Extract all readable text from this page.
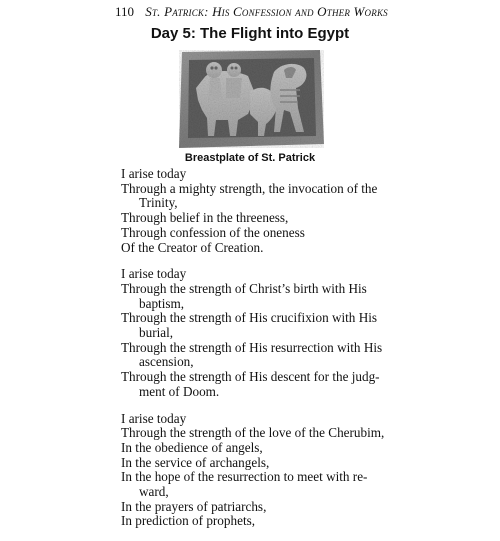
110 St. Patrick: His Confession and Other Works
Day 5: The Flight into Egypt
Breastplate of St. Patrick
I arise today
Through a mighty strength, the invocation of the
Trinity,
Through belief in the threeness,
Through confession of the oneness
Of the Creator of Creation.
I arise today
Through the strength of Christ’s birth with His
baptism,
Through the strength of His crucifixion with His
burial,
Through the strength of His resurrection with His
ascension,
Through the strength of His descent for the judg-
ment of Doom.
I arise today
Through the strength of the love of the Cherubim,
In the obedience of angels,
In the service of archangels,
In the hope of the resurrection to meet with re-
ward,
In the prayers of patriarchs,
In prediction of prophets,
